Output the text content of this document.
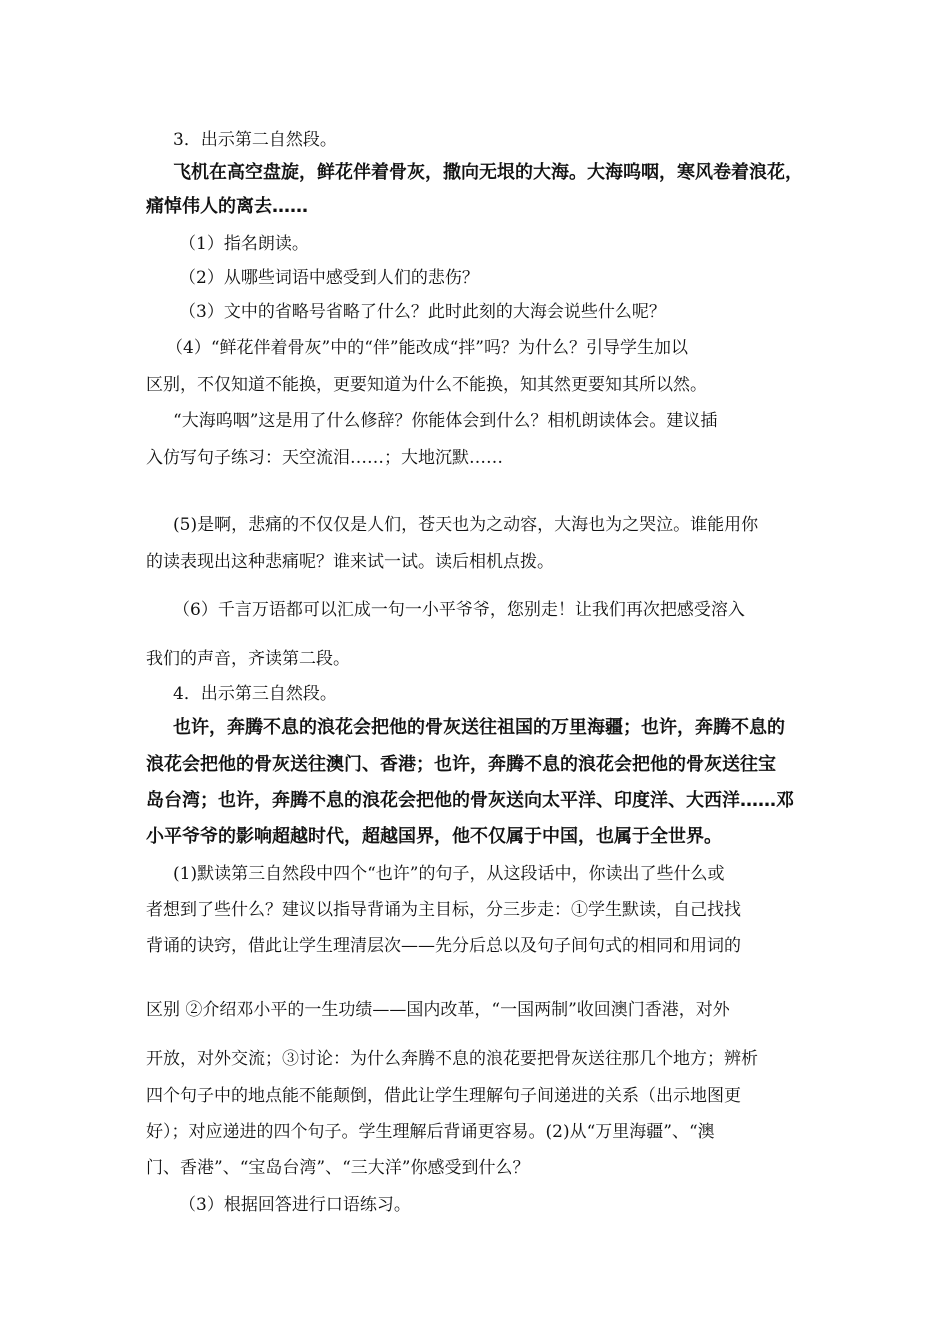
3．出示第二自然段。
飞机在高空盘旋，鲜花伴着骨灰，撒向无垠的大海。大海呜咽，寒风卷着浪花，
痛悼伟人的离去……
（1）指名朗读。
（2）从哪些词语中感受到人们的悲伤？
（3）文中的省略号省略了什么？此时此刻的大海会说些什么呢？
（4）“鲜花伴着骨灰”中的“伴”能改成“拌”吗？为什么？引导学生加以
区别，不仅知道不能换，更要知道为什么不能换，知其然更要知其所以然。
“大海呜咽”这是用了什么修辞？你能体会到什么？相机朗读体会。建议插
入仿写句子练习：天空流泪……；大地沉默……
(5)是啊，悲痛的不仅仅是人们，苍天也为之动容，大海也为之哭泣。谁能用你
的读表现出这种悲痛呢？谁来试一试。读后相机点拨。
（6）千言万语都可以汇成一句一小平爷爷，您别走！让我们再次把感受溶入
我们的声音，齐读第二段。
4．出示第三自然段。
也许，奔腾不息的浪花会把他的骨灰送往祖国的万里海疆；也许，奔腾不息的
浪花会把他的骨灰送往澳门、香港；也许，奔腾不息的浪花会把他的骨灰送往宝
岛台湾；也许，奔腾不息的浪花会把他的骨灰送向太平洋、印度洋、大西洋……邓
小平爷爷的影响超越时代，超越国界，他不仅属于中国，也属于全世界。
(1)默读第三自然段中四个“也许”的句子，从这段话中，你读出了些什么或
者想到了些什么？建议以指导背诵为主目标，分三步走：①学生默读，自己找找
背诵的诀窍，借此让学生理清层次——先分后总以及句子间句式的相同和用词的
区别 ②介绍邓小平的一生功绩——国内改革，“一国两制”收回澳门香港，对外
开放，对外交流；③讨论：为什么奔腾不息的浪花要把骨灰送往那几个地方；辨析
四个句子中的地点能不能颠倒，借此让学生理解句子间递进的关系（出示地图更
好）；对应递进的四个句子。学生理解后背诵更容易。(2)从“万里海疆”、“澳
门、香港”、“宝岛台湾”、“三大洋”你感受到什么？
（3）根据回答进行口语练习。
